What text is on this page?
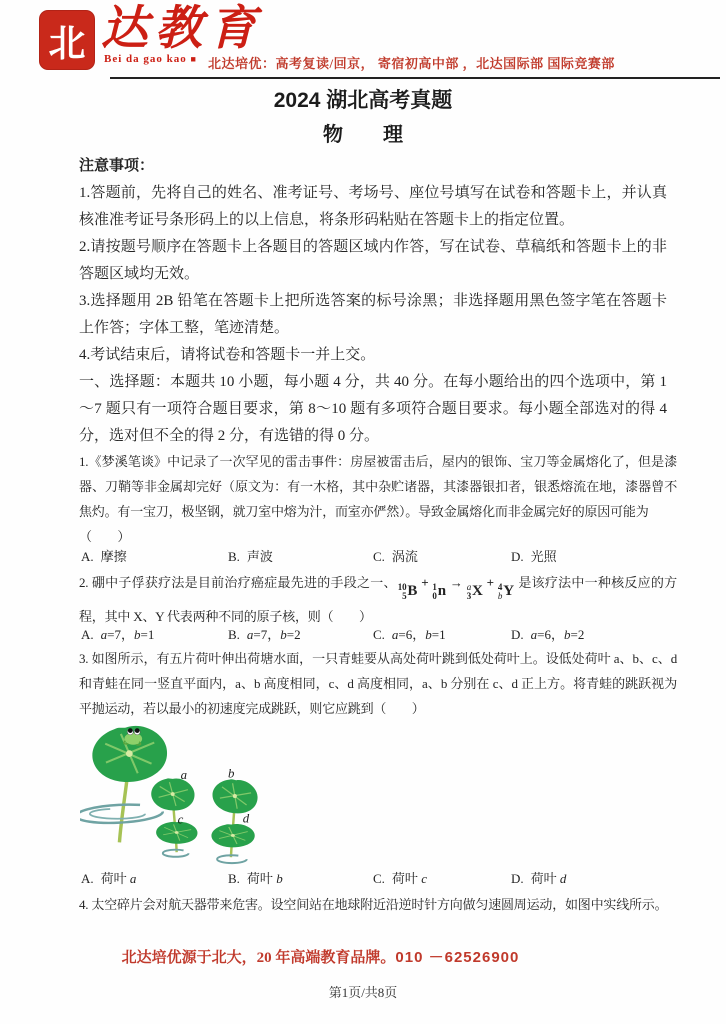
北 达教育
Bei da gao kao ■ 北达培优：高考复读/回京， 寄宿初高中部 ，北达国际部 国际竞赛部
2024 湖北高考真题
物　　理

注意事项：

1.答题前，先将自己的姓名、准考证号、考场号、座位号填写在试卷和答题卡上，并认真核准准考证号条形码上的以上信息，将条形码粘贴在答题卡上的指定位置。

2.请按题号顺序在答题卡上各题目的答题区域内作答，写在试卷、草稿纸和答题卡上的非答题区域均无效。

3.选择题用 2B 铅笔在答题卡上把所选答案的标号涂黑；非选择题用黑色签字笔在答题卡上作答；字体工整，笔迹清楚。

4.考试结束后，请将试卷和答题卡一并上交。

一、选择题：本题共 10 小题，每小题 4 分，共 40 分。在每小题给出的四个选项中，第 1～7 题只有一项符合题目要求，第 8～10 题有多项符合题目要求。每小题全部选对的得 4 分，选对但不全的得 2 分，有选错的得 0 分。

1.《梦溪笔谈》中记录了一次罕见的雷击事件：房屋被雷击后，屋内的银饰、宝刀等金属熔化了，但是漆器、刀鞘等非金属却完好（原文为：有一木格，其中杂贮诸器，其漆器银扣者，银悉熔流在地，漆器曾不焦灼。有一宝刀，极坚钢，就刀室中熔为汁，而室亦俨然）。导致金属熔化而非金属完好的原因可能为
（　　）
A. 摩擦	B. 声波	C. 涡流	D. 光照
2. 硼中子俘获疗法是目前治疗癌症最先进的手段之一、 10
5 B
+ 1
0 n
→ a
3 X
+ 4
b Y
是该疗法中一种核反应的方程，其中 X、Y 代表两种不同的原子核，则（　　）
A. a=7，b=1	B. a=7，b=2	C. a=6，b=1	D. a=6，b=2
3. 如图所示，有五片荷叶伸出荷塘水面，一只青蛙要从高处荷叶跳到低处荷叶上。设低处荷叶 a、b、c、d 和青蛙在同一竖直平面内，a、b 高度相同，c、d 高度相同，a、b 分别在 c、d 正上方。将青蛙的跳跃视为平抛运动，若以最小的初速度完成跳跃，则它应跳到（　　）
a	b
c	d
A. 荷叶 a	B. 荷叶 b	C. 荷叶 c	D. 荷叶 d
4. 太空碎片会对航天器带来危害。设空间站在地球附近沿逆时针方向做匀速圆周运动，如图中实线所示。
北达培优源于北大，20 年高端教育品牌。010 －62526900
第1页/共8页
